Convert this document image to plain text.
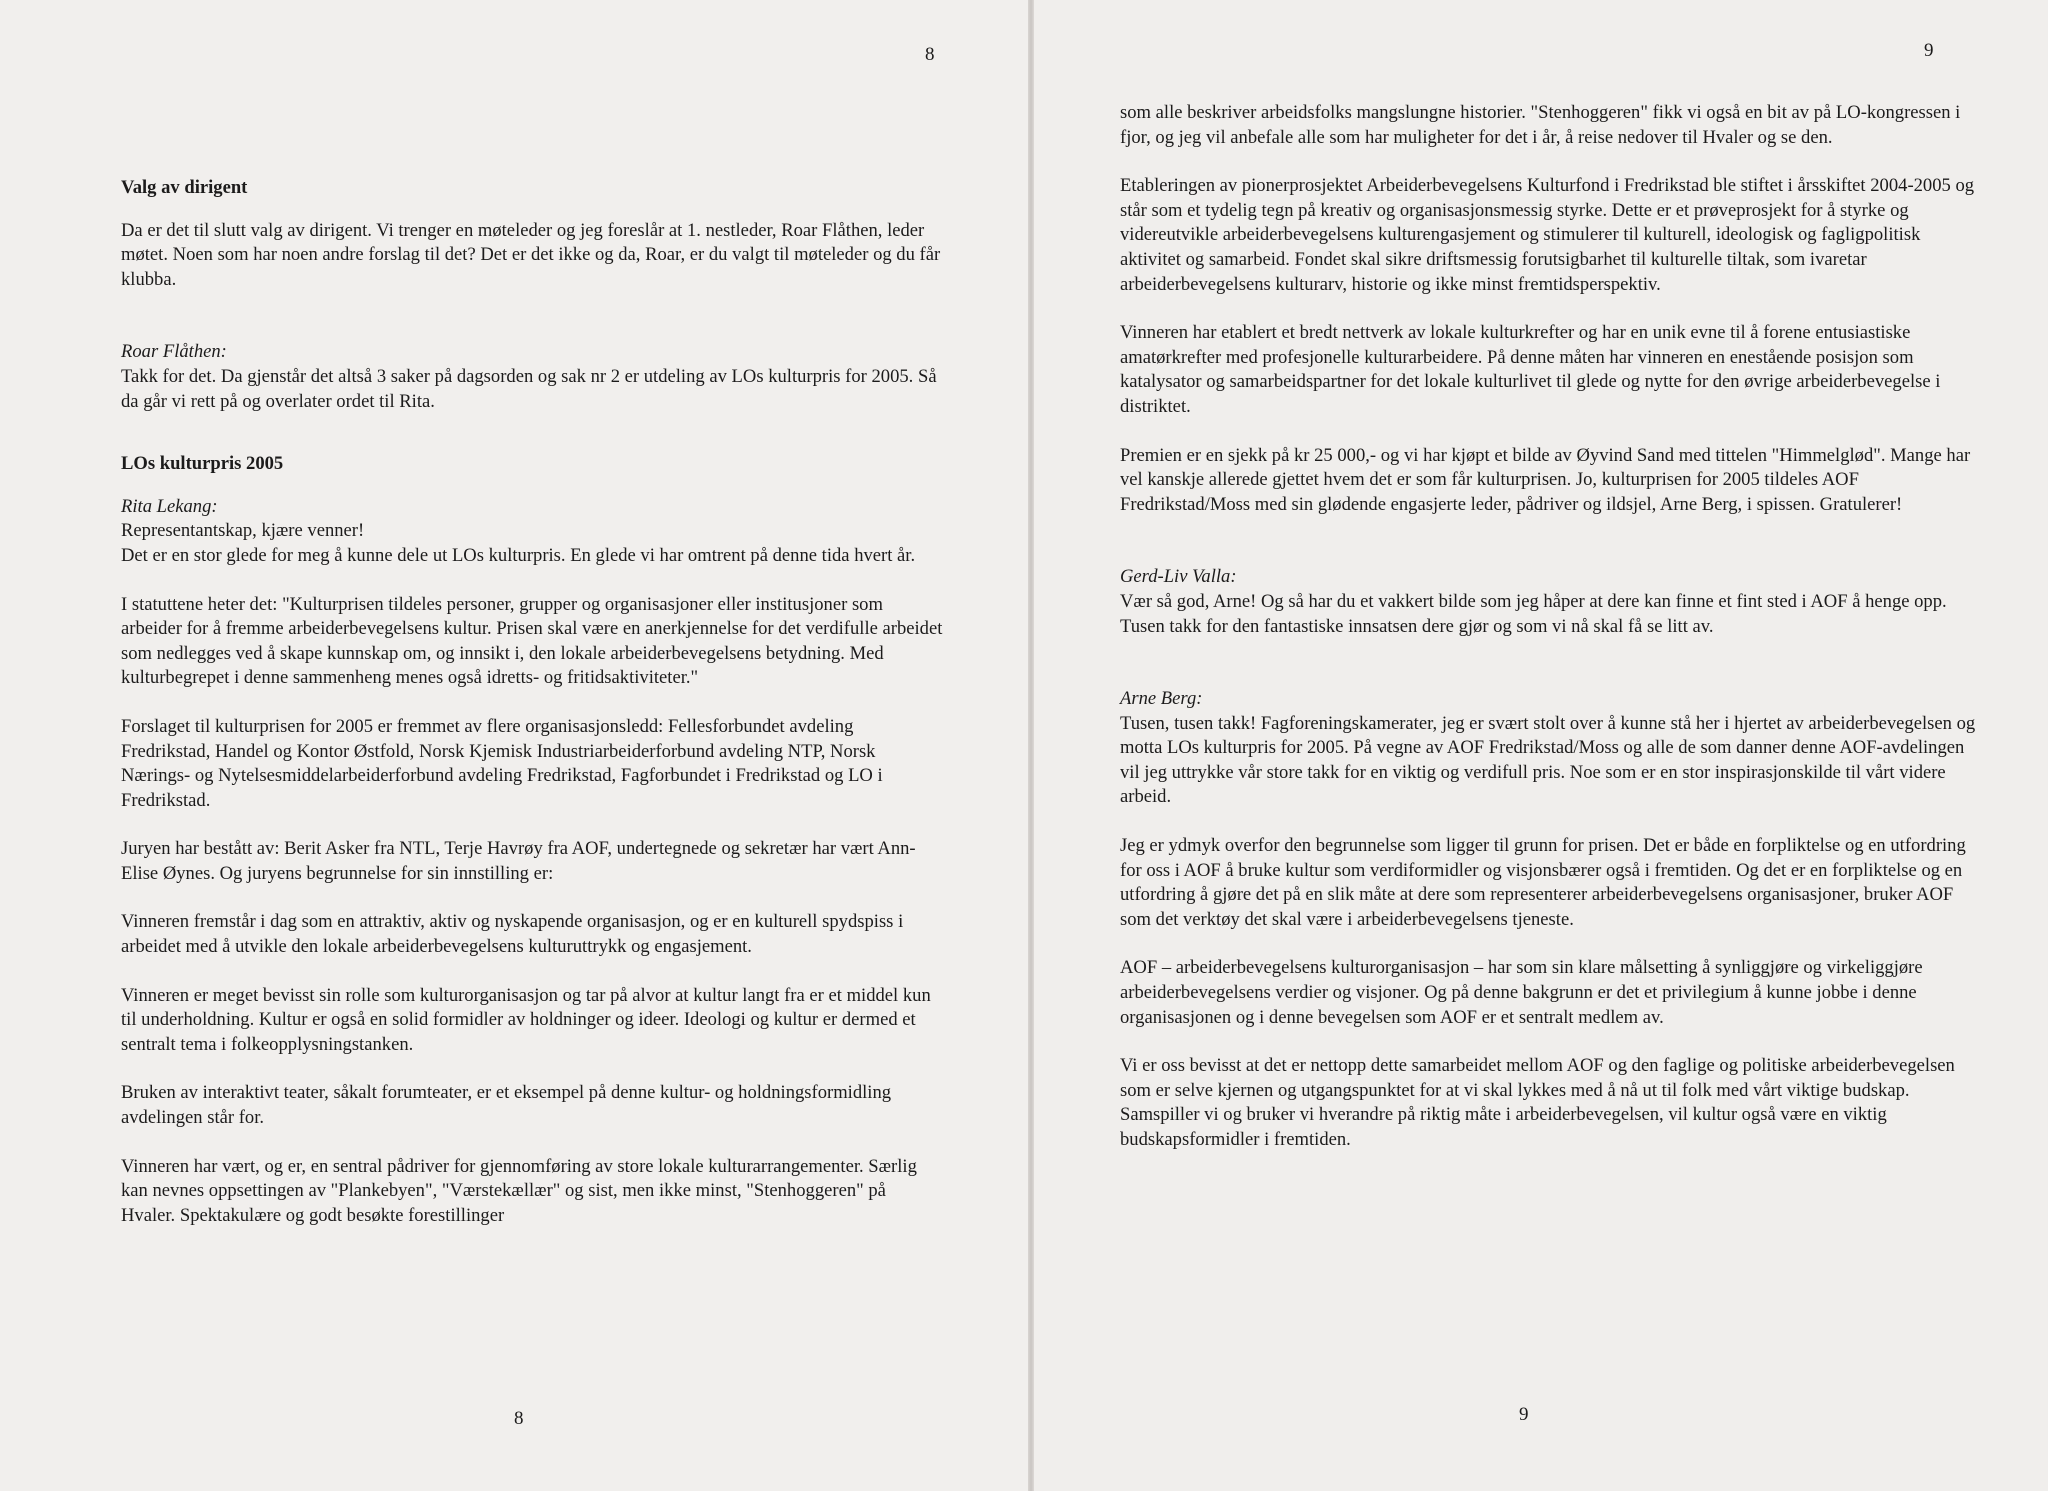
8
Valg av dirigent

Da er det til slutt valg av dirigent. Vi trenger en møteleder og jeg foreslår at 1. nestleder, Roar Flåthen, leder møtet. Noen som har noen andre forslag til det? Det er det ikke og da, Roar, er du valgt til møteleder og du får klubba.

Roar Flåthen:

Takk for det. Da gjenstår det altså 3 saker på dagsorden og sak nr 2 er utdeling av LOs kulturpris for 2005. Så da går vi rett på og overlater ordet til Rita.

LOs kulturpris 2005
Rita Lekang:

Representantskap, kjære venner!

Det er en stor glede for meg å kunne dele ut LOs kulturpris. En glede vi har omtrent på denne tida hvert år.

I statuttene heter det: "Kulturprisen tildeles personer, grupper og organisasjoner eller institusjoner som arbeider for å fremme arbeiderbevegelsens kultur. Prisen skal være en anerkjennelse for det verdifulle arbeidet som nedlegges ved å skape kunnskap om, og innsikt i, den lokale arbeiderbevegelsens betydning. Med kulturbegrepet i denne sammenheng menes også idretts- og fritidsaktiviteter."

Forslaget til kulturprisen for 2005 er fremmet av flere organisasjonsledd: Fellesforbundet avdeling Fredrikstad, Handel og Kontor Østfold, Norsk Kjemisk Industriarbeiderforbund avdeling NTP, Norsk Nærings- og Nytelsesmiddelarbeiderforbund avdeling Fredrikstad, Fagforbundet i Fredrikstad og LO i Fredrikstad.

Juryen har bestått av: Berit Asker fra NTL, Terje Havrøy fra AOF, undertegnede og sekretær har vært Ann-Elise Øynes. Og juryens begrunnelse for sin innstilling er:

Vinneren fremstår i dag som en attraktiv, aktiv og nyskapende organisasjon, og er en kulturell spydspiss i arbeidet med å utvikle den lokale arbeiderbevegelsens kulturuttrykk og engasjement.

Vinneren er meget bevisst sin rolle som kulturorganisasjon og tar på alvor at kultur langt fra er et middel kun til underholdning. Kultur er også en solid formidler av holdninger og ideer. Ideologi og kultur er dermed et sentralt tema i folkeopplysningstanken.

Bruken av interaktivt teater, såkalt forumteater, er et eksempel på denne kultur- og holdningsformidling avdelingen står for.

Vinneren har vært, og er, en sentral pådriver for gjennomføring av store lokale kulturarrangementer. Særlig kan nevnes oppsettingen av "Plankebyen", "Værstekællær" og sist, men ikke minst, "Stenhoggeren" på Hvaler. Spektakulære og godt besøkte forestillinger

8
9

som alle beskriver arbeidsfolks mangslungne historier. "Stenhoggeren" fikk vi også en bit av på LO-kongressen i fjor, og jeg vil anbefale alle som har muligheter for det i år, å reise nedover til Hvaler og se den.

Etableringen av pionerprosjektet Arbeiderbevegelsens Kulturfond i Fredrikstad ble stiftet i årsskiftet 2004-2005 og står som et tydelig tegn på kreativ og organisasjonsmessig styrke. Dette er et prøveprosjekt for å styrke og videreutvikle arbeiderbevegelsens kulturengasjement og stimulerer til kulturell, ideologisk og fagligpolitisk aktivitet og samarbeid. Fondet skal sikre driftsmessig forutsigbarhet til kulturelle tiltak, som ivaretar arbeiderbevegelsens kulturarv, historie og ikke minst fremtidsperspektiv.

Vinneren har etablert et bredt nettverk av lokale kulturkrefter og har en unik evne til å forene entusiastiske amatørkrefter med profesjonelle kulturarbeidere. På denne måten har vinneren en enestående posisjon som katalysator og samarbeidspartner for det lokale kulturlivet til glede og nytte for den øvrige arbeiderbevegelse i distriktet.

Premien er en sjekk på kr 25 000,- og vi har kjøpt et bilde av Øyvind Sand med tittelen "Himmelglød". Mange har vel kanskje allerede gjettet hvem det er som får kulturprisen. Jo, kulturprisen for 2005 tildeles AOF Fredrikstad/Moss med sin glødende engasjerte leder, pådriver og ildsjel, Arne Berg, i spissen. Gratulerer!

Gerd-Liv Valla:

Vær så god, Arne! Og så har du et vakkert bilde som jeg håper at dere kan finne et fint sted i AOF å henge opp. Tusen takk for den fantastiske innsatsen dere gjør og som vi nå skal få se litt av.

Arne Berg:

Tusen, tusen takk! Fagforeningskamerater, jeg er svært stolt over å kunne stå her i hjertet av arbeiderbevegelsen og motta LOs kulturpris for 2005. På vegne av AOF Fredrikstad/Moss og alle de som danner denne AOF-avdelingen vil jeg uttrykke vår store takk for en viktig og verdifull pris. Noe som er en stor inspirasjonskilde til vårt videre arbeid.

Jeg er ydmyk overfor den begrunnelse som ligger til grunn for prisen. Det er både en forpliktelse og en utfordring for oss i AOF å bruke kultur som verdiformidler og visjonsbærer også i fremtiden. Og det er en forpliktelse og en utfordring å gjøre det på en slik måte at dere som representerer arbeiderbevegelsens organisasjoner, bruker AOF som det verktøy det skal være i arbeiderbevegelsens tjeneste.

AOF – arbeiderbevegelsens kulturorganisasjon – har som sin klare målsetting å synliggjøre og virkeliggjøre arbeiderbevegelsens verdier og visjoner. Og på denne bakgrunn er det et privilegium å kunne jobbe i denne organisasjonen og i denne bevegelsen som AOF er et sentralt medlem av.

Vi er oss bevisst at det er nettopp dette samarbeidet mellom AOF og den faglige og politiske arbeiderbevegelsen som er selve kjernen og utgangspunktet for at vi skal lykkes med å nå ut til folk med vårt viktige budskap. Samspiller vi og bruker vi hverandre på riktig måte i arbeiderbevegelsen, vil kultur også være en viktig budskapsformidler i fremtiden.

9
